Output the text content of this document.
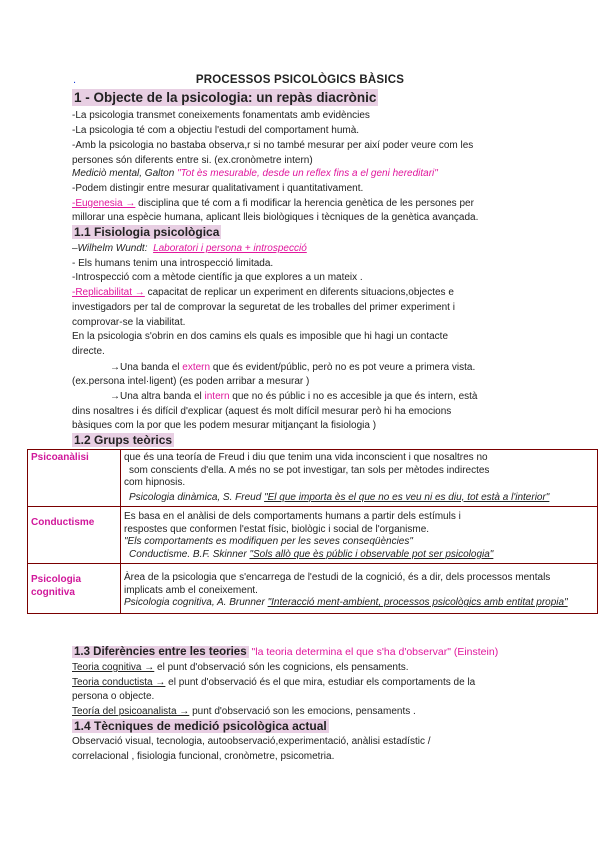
.	PROCESSOS PSICOLÒGICS BÀSICS
1 - Objecte de la psicologia: un repàs diacrònic
-La psicologia transmet coneixements fonamentats amb evidències
-La psicologia té com a objectiu l'estudi del comportament humà.
-Amb la psicologia no bastaba observa,r si no també mesurar per així poder veure com les
persones són diferents entre si. (ex.cronòmetre intern)
Mediciò mental, Galton "Tot ès mesurable, desde un reflex fins a el geni hereditari"
-Podem distingir entre mesurar qualitativament i quantitativament.
-Eugenesia → disciplina que té com a fi modificar la herencia genètica de les persones per
millorar una espècie humana, aplicant lleis biològiques i tècniques de la genètica avançada.
1.1 Fisiologia psicològica
–Wilhelm Wundt: Laboratori i persona + introspecció
- Els humans tenim una introspecció limitada.
-Introspecció com a mètode científic ja que explores a un mateix .
-Replicabilitat → capacitat de replicar un experiment en diferents situacions,objectes e
investigadors per tal de comprovar la seguretat de les troballes del primer experiment i
comprovar-se la viabilitat.
En la psicologia s'obrin en dos camins els quals es imposible que hi hagi un contacte
directe.
→Una banda el extern que és evident/públic, però no es pot veure a primera vista.
(ex.persona intel·ligent) (es poden arribar a mesurar )
→Una altra banda el intern que no és públic i no es accesible ja que és intern, està
dins nosaltres i és difícil d'explicar (aquest és molt difícil mesurar però hi ha emocions
bàsiques com la por que les podem mesurar mitjançant la fisiologia )
1.2 Grups teòrics
Psicoanàlisi	que és una teoría de Freud i diu que tenim una vida inconscient i que nosaltres no
som conscients d'ella. A més no se pot investigar, tan sols per mètodes indirectes
com hipnosis.
Psicologia dinàmica, S. Freud "El que importa ès el que no es veu ni es diu, tot està a l'interior"

Conductisme	Es basa en el anàlisi de dels comportaments humans a partir dels estímuls i
respostes que conformen l'estat físic, biològic i social de l'organisme.
"Els comportaments es modifiquen per les seves conseqüències"
Conductisme. B.F. Skinner "Sols allò que ès públic i observable pot ser psicologia"

Psicologia cognitiva	Àrea de la psicologia que s'encarrega de l'estudi de la cognició, és a dir, dels processos mentals
implicats amb el coneixement.
Psicologia cognitiva, A. Brunner "Interacció ment-ambient, processos psicològics amb entitat propia"
1.3 Diferències entre les teories "la teoria determina el que s'ha d'observar" (Einstein)
Teoria cognitiva → el punt d'observació són les cognicions, els pensaments.
Teoria conductista → el punt d'observació és el que mira, estudiar els comportaments de la
persona o objecte.
Teoría del psicoanalista → punt d'observació son les emocions, pensaments .
1.4 Tècniques de medició psicològica actual
Observació visual, tecnologia, autoobservació,experimentació, anàlisi estadístic /
correlacional , fisiologia funcional, cronòmetre, psicometria.
